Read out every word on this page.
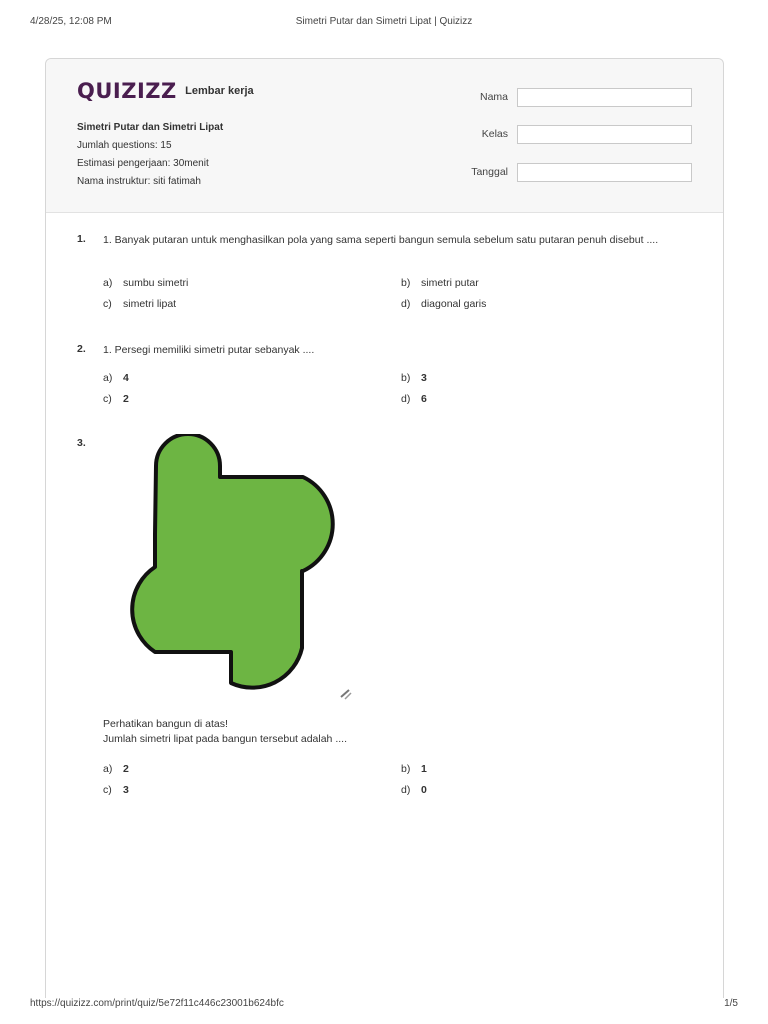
4/28/25, 12:08 PM	Simetri Putar dan Simetri Lipat | Quizizz
QUIZIZZ Lembar kerja
Simetri Putar dan Simetri Lipat
Jumlah questions: 15
Estimasi pengerjaan: 30menit
Nama instruktur: siti fatimah
Nama
Kelas
Tanggal
1. 1. Banyak putaran untuk menghasilkan pola yang sama seperti bangun semula sebelum satu putaran penuh disebut ....
a) sumbu simetri	b) simetri putar
c) simetri lipat	d) diagonal garis
2. 1. Persegi memiliki simetri putar sebanyak ....
a) 4	b) 3
c) 2	d) 6
3.
Perhatikan bangun di atas!
Jumlah simetri lipat pada bangun tersebut adalah ....
a) 2	b) 1
c) 3	d) 0
https://quizizz.com/print/quiz/5e72f11c446c23001b624bfc	1/5
